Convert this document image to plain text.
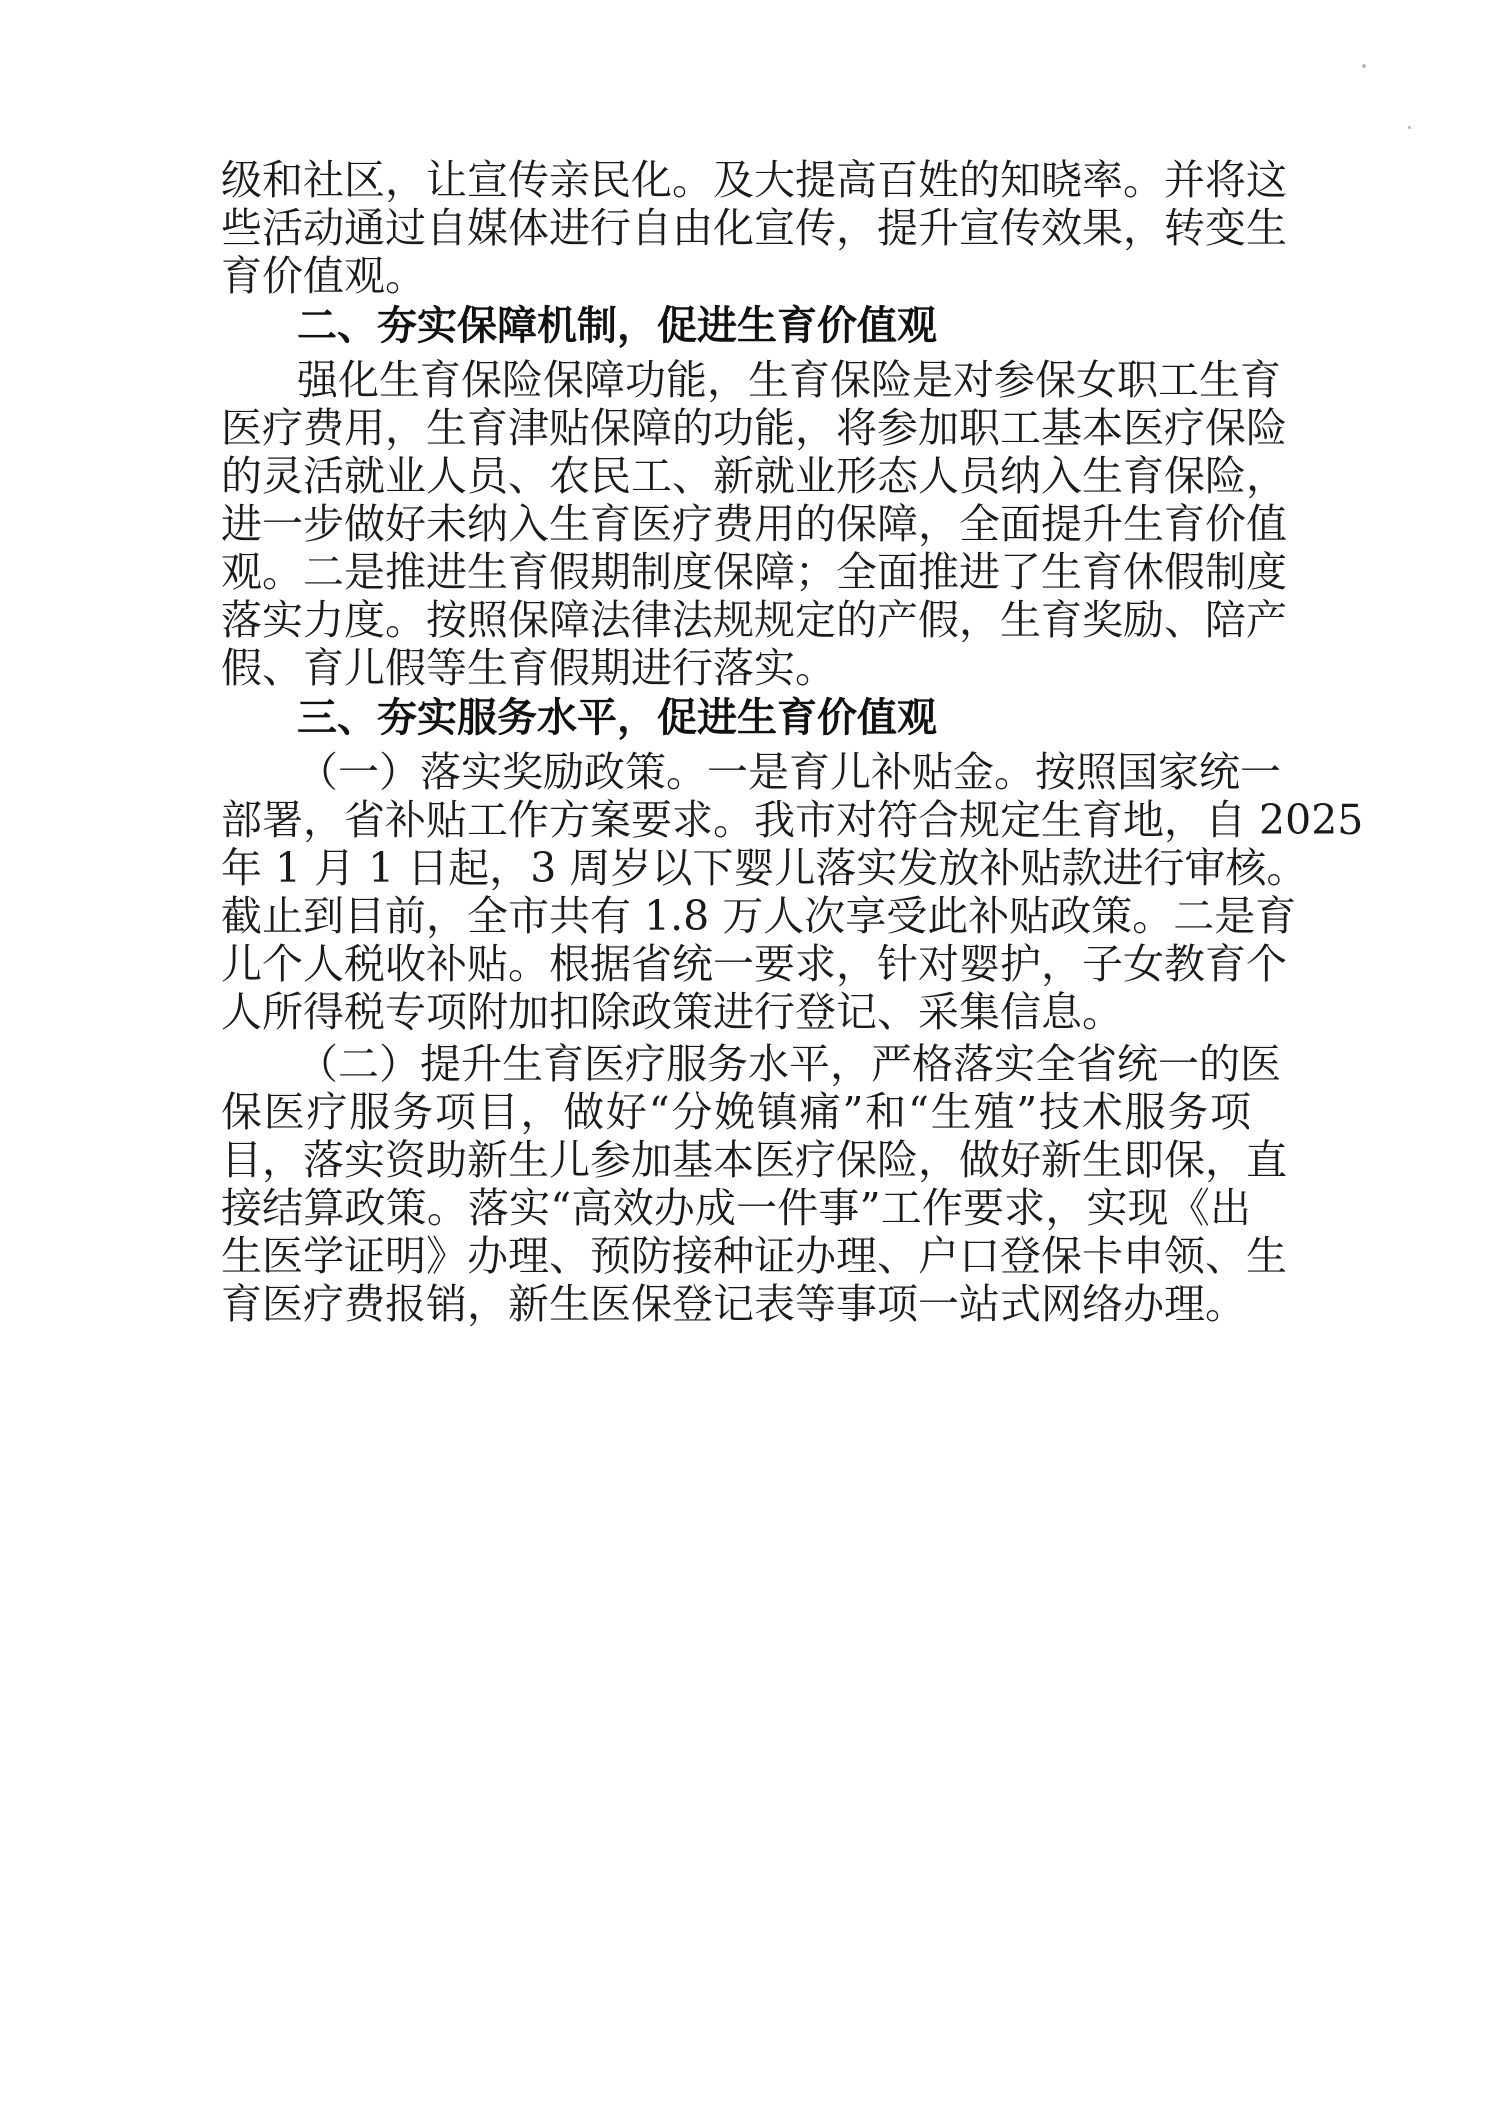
级和社区，让宣传亲民化。及大提高百姓的知晓率。并将这
些活动通过自媒体进行自由化宣传，提升宣传效果，转变生
育价值观。
二、夯实保障机制，促进生育价值观
强化生育保险保障功能，生育保险是对参保女职工生育
医疗费用，生育津贴保障的功能，将参加职工基本医疗保险
的灵活就业人员、农民工、新就业形态人员纳入生育保险，
进一步做好未纳入生育医疗费用的保障，全面提升生育价值
观。二是推进生育假期制度保障；全面推进了生育休假制度
落实力度。按照保障法律法规规定的产假，生育奖励、陪产
假、育儿假等生育假期进行落实。
三、夯实服务水平，促进生育价值观
（一）落实奖励政策。一是育儿补贴金。按照国家统一
部署，省补贴工作方案要求。我市对符合规定生育地，自 2025
年 1 月 1 日起，3 周岁以下婴儿落实发放补贴款进行审核。
截止到目前，全市共有 1.8 万人次享受此补贴政策。二是育
儿个人税收补贴。根据省统一要求，针对婴护，子女教育个
人所得税专项附加扣除政策进行登记、采集信息。
（二）提升生育医疗服务水平，严格落实全省统一的医
保医疗服务项目，做好“分娩镇痛”和“生殖”技术服务项
目，落实资助新生儿参加基本医疗保险，做好新生即保，直
接结算政策。落实“高效办成一件事”工作要求，实现《出
生医学证明》办理、预防接种证办理、户口登保卡申领、生
育医疗费报销，新生医保登记表等事项一站式网络办理。
